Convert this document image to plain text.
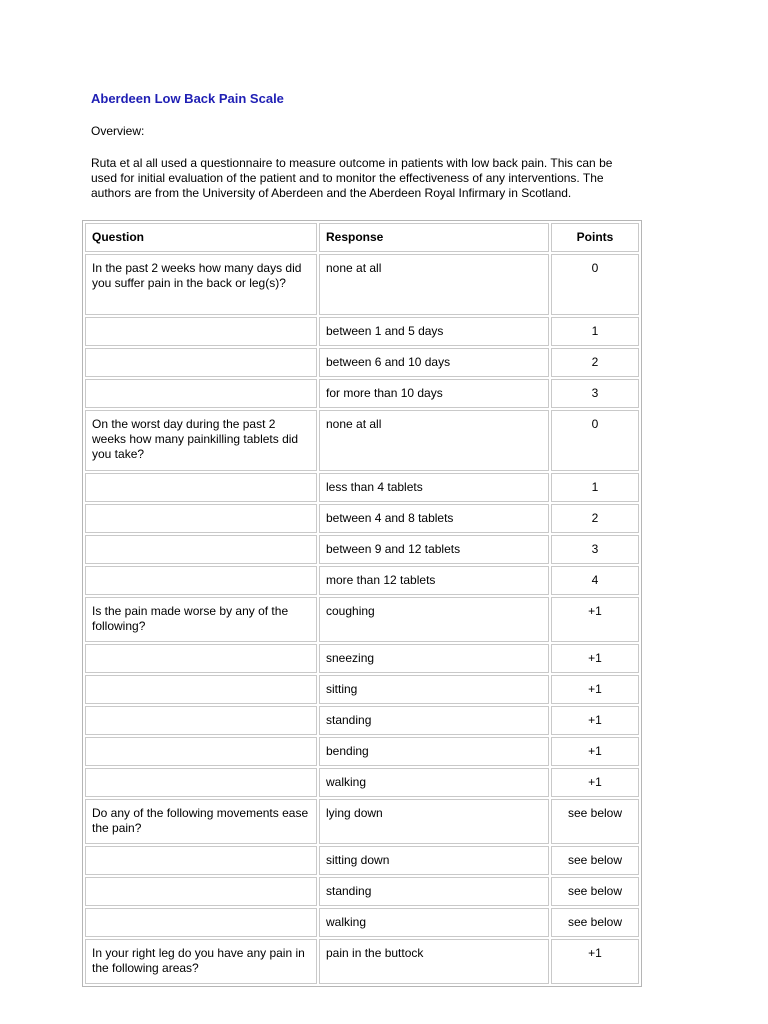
Aberdeen Low Back Pain Scale
Overview:
Ruta et al all used a questionnaire to measure outcome in patients with low back pain. This can be
used for initial evaluation of the patient and to monitor the effectiveness of any interventions. The
authors are from the University of Aberdeen and the Aberdeen Royal Infirmary in Scotland.
Question	Response	Points
In the past 2 weeks how many days did you suffer pain in the back or leg(s)?	none at all	0
	between 1 and 5 days	1
	between 6 and 10 days	2
	for more than 10 days	3
On the worst day during the past 2 weeks how many painkilling tablets did you take?	none at all	0
	less than 4 tablets	1
	between 4 and 8 tablets	2
	between 9 and 12 tablets	3
	more than 12 tablets	4
Is the pain made worse by any of the following?	coughing	+1
	sneezing	+1
	sitting	+1
	standing	+1
	bending	+1
	walking	+1
Do any of the following movements ease the pain?	lying down	see below
	sitting down	see below
	standing	see below
	walking	see below
In your right leg do you have any pain in the following areas?	pain in the buttock	+1
